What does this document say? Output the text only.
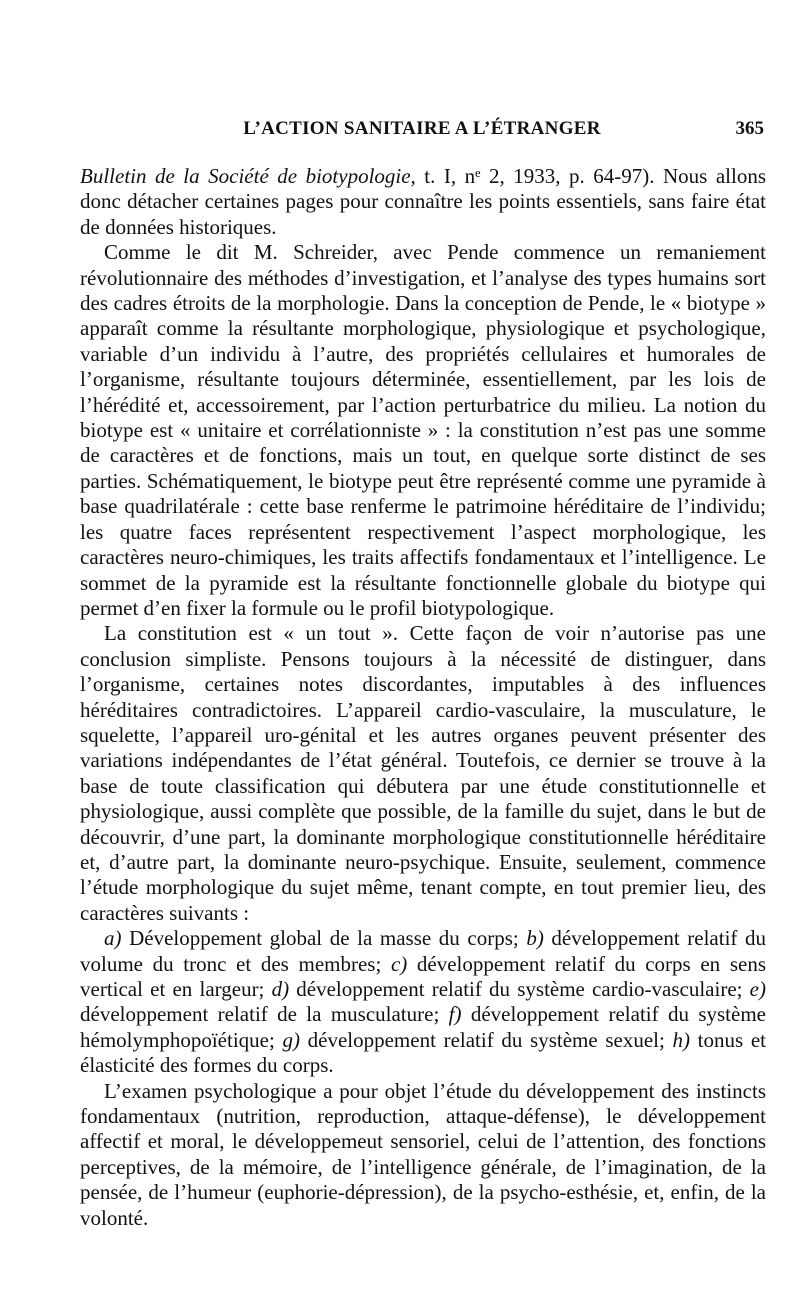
L’ACTION SANITAIRE A L’ÉTRANGER	365

Bulletin de la Société de biotypologie, t. I, nᵉ 2, 1933, p. 64-97). Nous allons donc détacher certaines pages pour connaître les points essentiels, sans faire état de données historiques.

Comme le dit M. Schreider, avec Pende commence un remaniement révolutionnaire des méthodes d’investigation, et l’analyse des types humains sort des cadres étroits de la morphologie. Dans la conception de Pende, le « biotype » apparaît comme la résultante morphologique, physiologique et psychologique, variable d’un individu à l’autre, des propriétés cellulaires et humorales de l’organisme, résultante toujours déterminée, essentiellement, par les lois de l’hérédité et, accessoirement, par l’action perturbatrice du milieu. La notion du biotype est « unitaire et corrélationniste » : la constitution n’est pas une somme de caractères et de fonctions, mais un tout, en quelque sorte distinct de ses parties. Schématiquement, le biotype peut être représenté comme une pyramide à base quadrilatérale : cette base renferme le patrimoine héréditaire de l’individu; les quatre faces représentent respectivement l’aspect morphologique, les caractères neuro-chimiques, les traits affectifs fondamentaux et l’intelligence. Le sommet de la pyramide est la résultante fonctionnelle globale du biotype qui permet d’en fixer la formule ou le profil biotypologique.

La constitution est « un tout ». Cette façon de voir n’autorise pas une conclusion simpliste. Pensons toujours à la nécessité de distinguer, dans l’organisme, certaines notes discordantes, imputables à des influences héréditaires contradictoires. L’appareil cardio-vasculaire, la musculature, le squelette, l’appareil uro-génital et les autres organes peuvent présenter des variations indépendantes de l’état général. Toutefois, ce dernier se trouve à la base de toute classification qui débutera par une étude constitutionnelle et physiologique, aussi complète que possible, de la famille du sujet, dans le but de découvrir, d’une part, la dominante morphologique constitutionnelle héréditaire et, d’autre part, la dominante neuro-psychique. Ensuite, seulement, commence l’étude morphologique du sujet même, tenant compte, en tout premier lieu, des caractères suivants :

a) Développement global de la masse du corps; b) développement relatif du volume du tronc et des membres; c) développement relatif du corps en sens vertical et en largeur; d) développement relatif du système cardio-vasculaire; e) développement relatif de la musculature; f) développement relatif du système hémolymphopoïétique; g) développement relatif du système sexuel; h) tonus et élasticité des formes du corps.

L’examen psychologique a pour objet l’étude du développement des instincts fondamentaux (nutrition, reproduction, attaque-défense), le développement affectif et moral, le développemeut sensoriel, celui de l’attention, des fonctions perceptives, de la mémoire, de l’intelligence générale, de l’imagination, de la pensée, de l’humeur (euphorie-dépression), de la psycho-esthésie, et, enfin, de la volonté.
